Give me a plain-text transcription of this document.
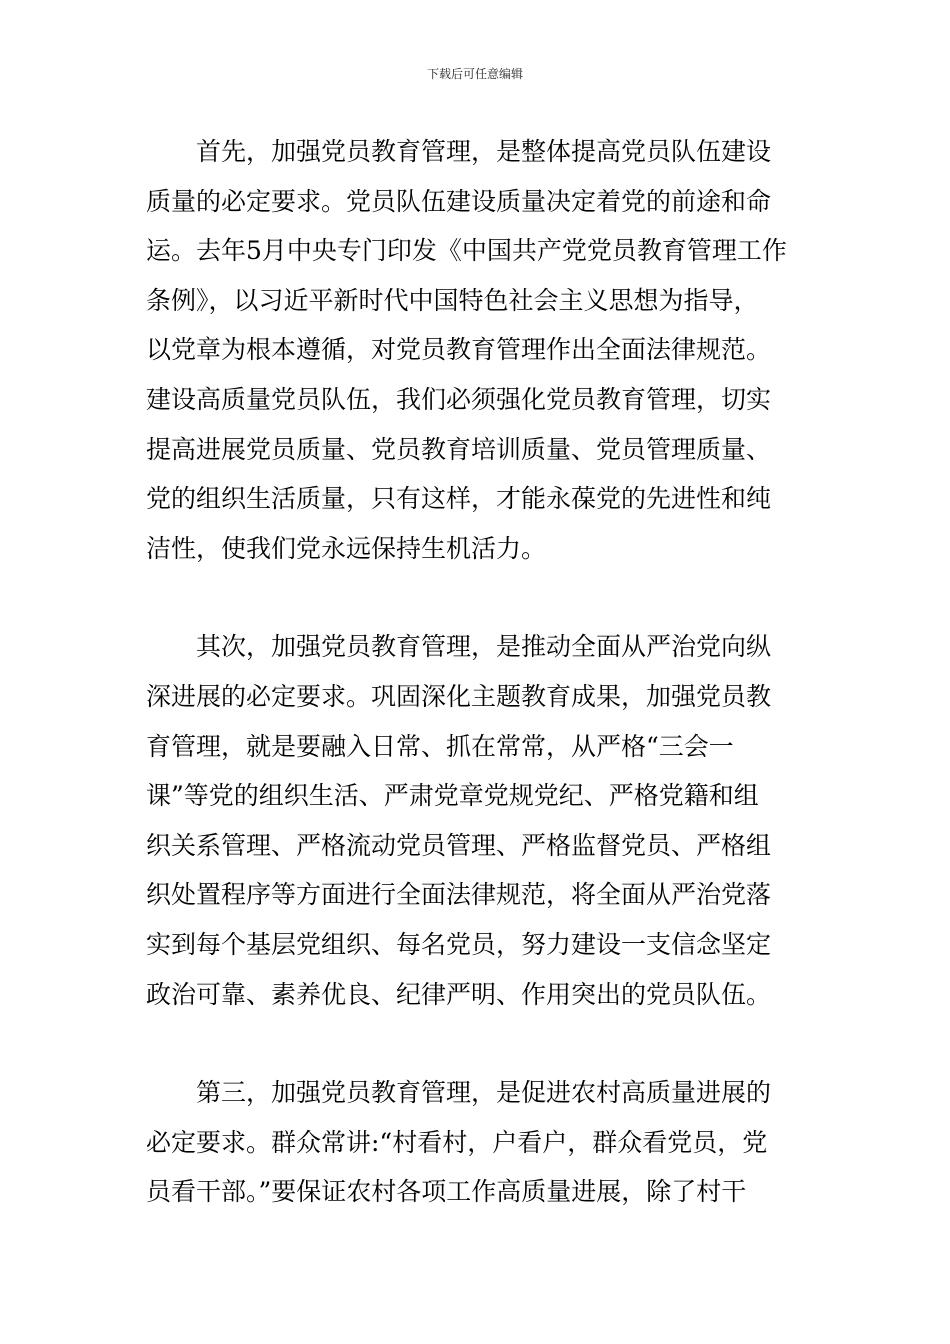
下载后可任意编辑
首先，加强党员教育管理，是整体提高党员队伍建设
质量的必定要求。党员队伍建设质量决定着党的前途和命
运。去年5月中央专门印发《中国共产党党员教育管理工作
条例》，以习近平新时代中国特色社会主义思想为指导，
以党章为根本遵循，对党员教育管理作出全面法律规范。
建设高质量党员队伍，我们必须强化党员教育管理，切实
提高进展党员质量、党员教育培训质量、党员管理质量、
党的组织生活质量，只有这样，才能永葆党的先进性和纯
洁性，使我们党永远保持生机活力。
其次，加强党员教育管理，是推动全面从严治党向纵
深进展的必定要求。巩固深化主题教育成果，加强党员教
育管理，就是要融入日常、抓在常常，从严格“三会一
课”等党的组织生活、严肃党章党规党纪、严格党籍和组
织关系管理、严格流动党员管理、严格监督党员、严格组
织处置程序等方面进行全面法律规范，将全面从严治党落
实到每个基层党组织、每名党员，努力建设一支信念坚定
政治可靠、素养优良、纪律严明、作用突出的党员队伍。
第三，加强党员教育管理，是促进农村高质量进展的
必定要求。群众常讲:“村看村，户看户，群众看党员，党
员看干部。”要保证农村各项工作高质量进展，除了村干
